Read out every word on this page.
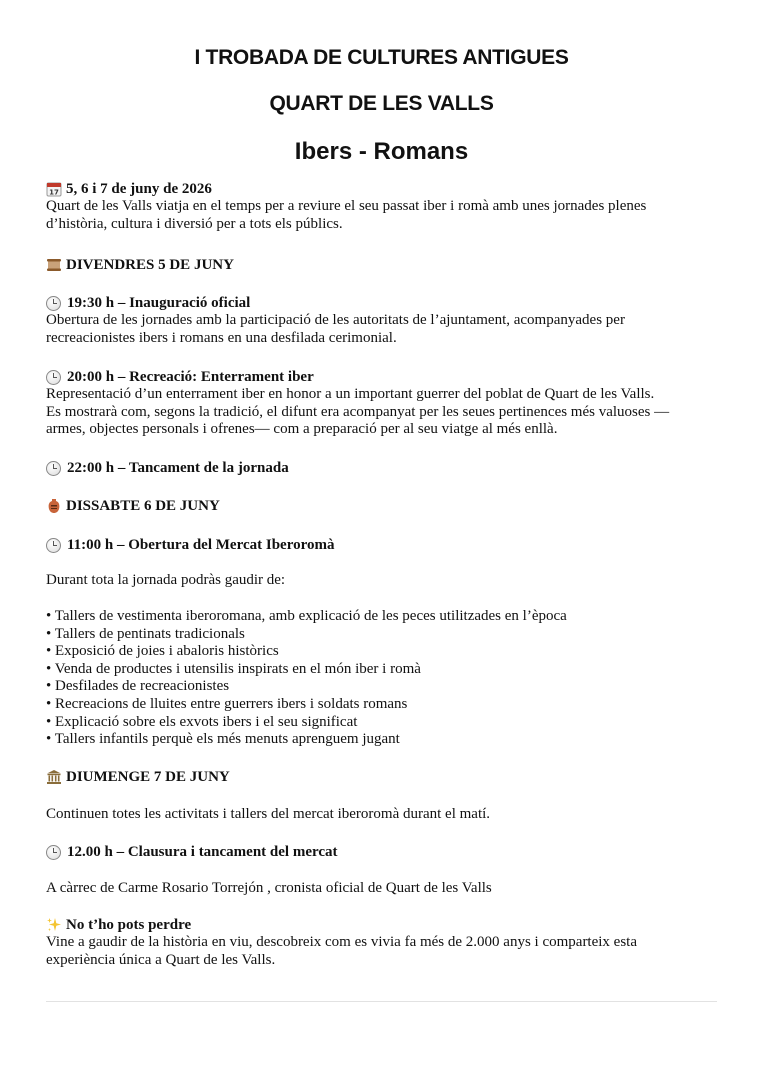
I TROBADA DE CULTURES ANTIGUES
QUART DE LES VALLS
Ibers - Romans
17 5, 6 i 7 de juny de 2026

Quart de les Valls viatja en el temps per a reviure el seu passat iber i romà amb unes jornades plenes
d’història, cultura i diversió per a tots els públics.

DIVENDRES 5 DE JUNY
19:30 h – Inauguració oficial

Obertura de les jornades amb la participació de les autoritats de l’ajuntament, acompanyades per
recreacionistes ibers i romans en una desfilada cerimonial.

20:00 h – Recreació: Enterrament iber

Representació d’un enterrament iber en honor a un important guerrer del poblat de Quart de les Valls.
Es mostrarà com, segons la tradició, el difunt era acompanyat per les seues pertinences més valuoses —
armes, objectes personals i ofrenes— com a preparació per al seu viatge al més enllà.

22:00 h – Tancament de la jornada
DISSABTE 6 DE JUNY
11:00 h – Obertura del Mercat Iberoromà

Durant tota la jornada podràs gaudir de:

• Tallers de vestimenta iberoromana, amb explicació de les peces utilitzades en l’època
• Tallers de pentinats tradicionals
• Exposició de joies i abaloris històrics
• Venda de productes i utensilis inspirats en el món iber i romà
• Desfilades de recreacionistes
• Recreacions de lluites entre guerrers ibers i soldats romans
• Explicació sobre els exvots ibers i el seu significat
• Tallers infantils perquè els més menuts aprenguem jugant
DIUMENGE 7 DE JUNY

Continuen totes les activitats i tallers del mercat iberoromà durant el matí.

12.00 h – Clausura i tancament del mercat

A càrrec de Carme Rosario Torrejón , cronista oficial de Quart de les Valls

No t’ho pots perdre

Vine a gaudir de la història en viu, descobreix com es vivia fa més de 2.000 anys i comparteix esta
experiència única a Quart de les Valls.
